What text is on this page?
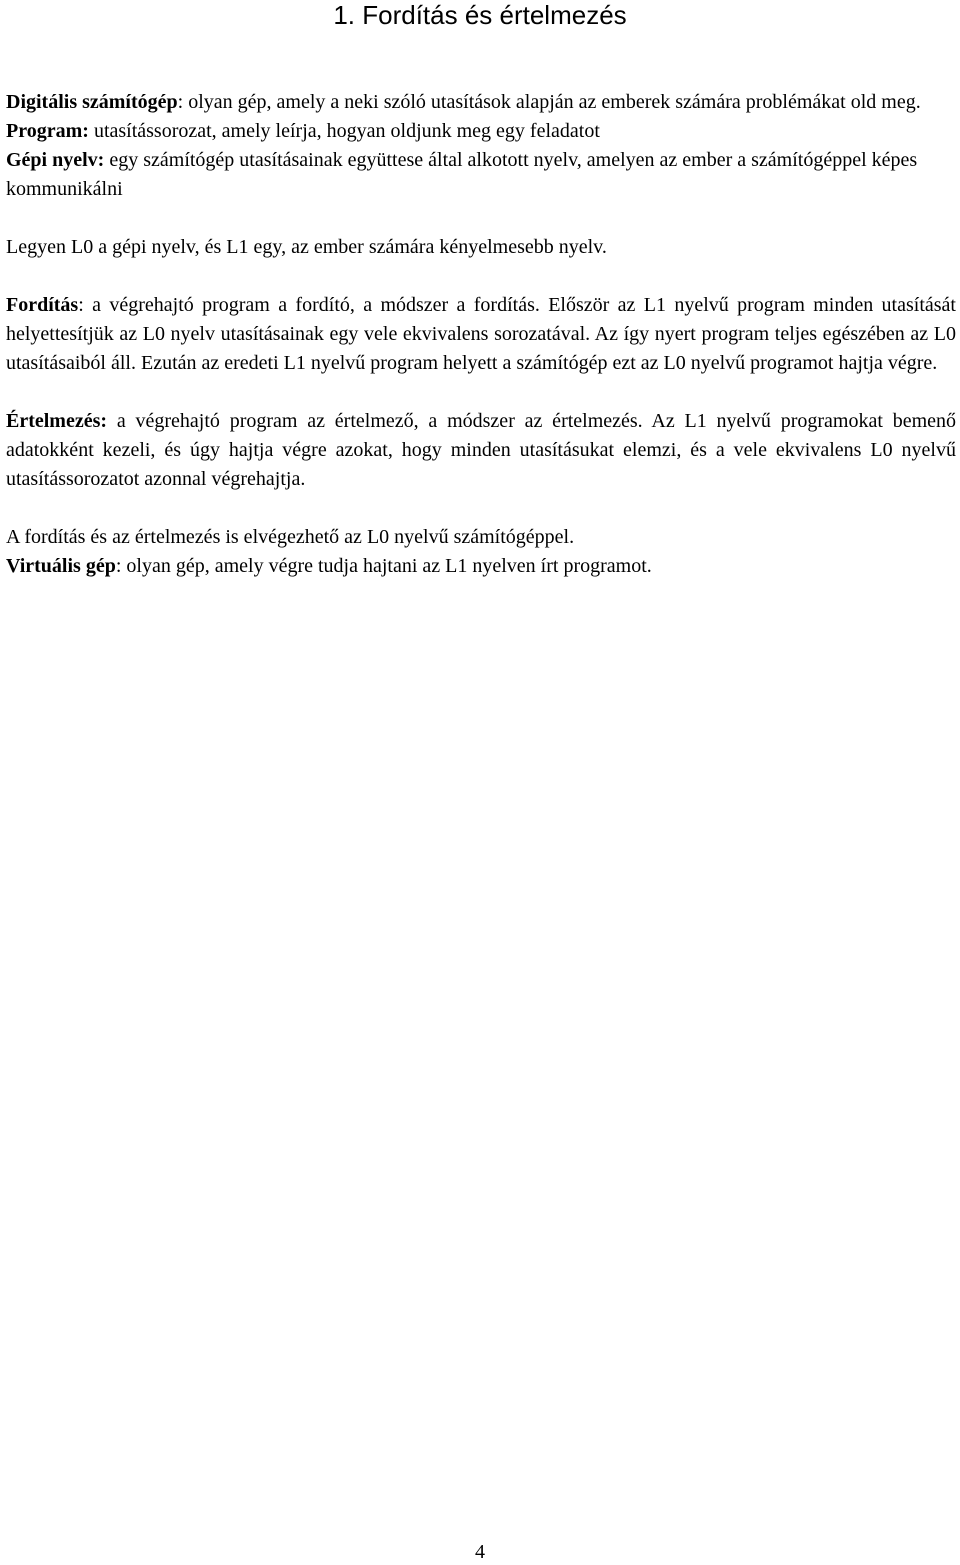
1. Fordítás és értelmezés

Digitális számítógép: olyan gép, amely a neki szóló utasítások alapján az emberek számára problémákat old meg.

Program: utasítássorozat, amely leírja, hogyan oldjunk meg egy feladatot

Gépi nyelv: egy számítógép utasításainak együttese által alkotott nyelv, amelyen az ember a számítógéppel képes kommunikálni

Legyen L0 a gépi nyelv, és L1 egy, az ember számára kényelmesebb nyelv.

Fordítás: a végrehajtó program a fordító, a módszer a fordítás. Először az L1 nyelvű program minden utasítását helyettesítjük az L0 nyelv utasításainak egy vele ekvivalens sorozatával. Az így nyert program teljes egészében az L0 utasításaiból áll. Ezután az eredeti L1 nyelvű program helyett a számítógép ezt az L0 nyelvű programot hajtja végre.

Értelmezés: a végrehajtó program az értelmező, a módszer az értelmezés. Az L1 nyelvű programokat bemenő adatokként kezeli, és úgy hajtja végre azokat, hogy minden utasításukat elemzi, és a vele ekvivalens L0 nyelvű utasítássorozatot azonnal végrehajtja.

A fordítás és az értelmezés is elvégezhető az L0 nyelvű számítógéppel.

Virtuális gép: olyan gép, amely végre tudja hajtani az L1 nyelven írt programot.

4
